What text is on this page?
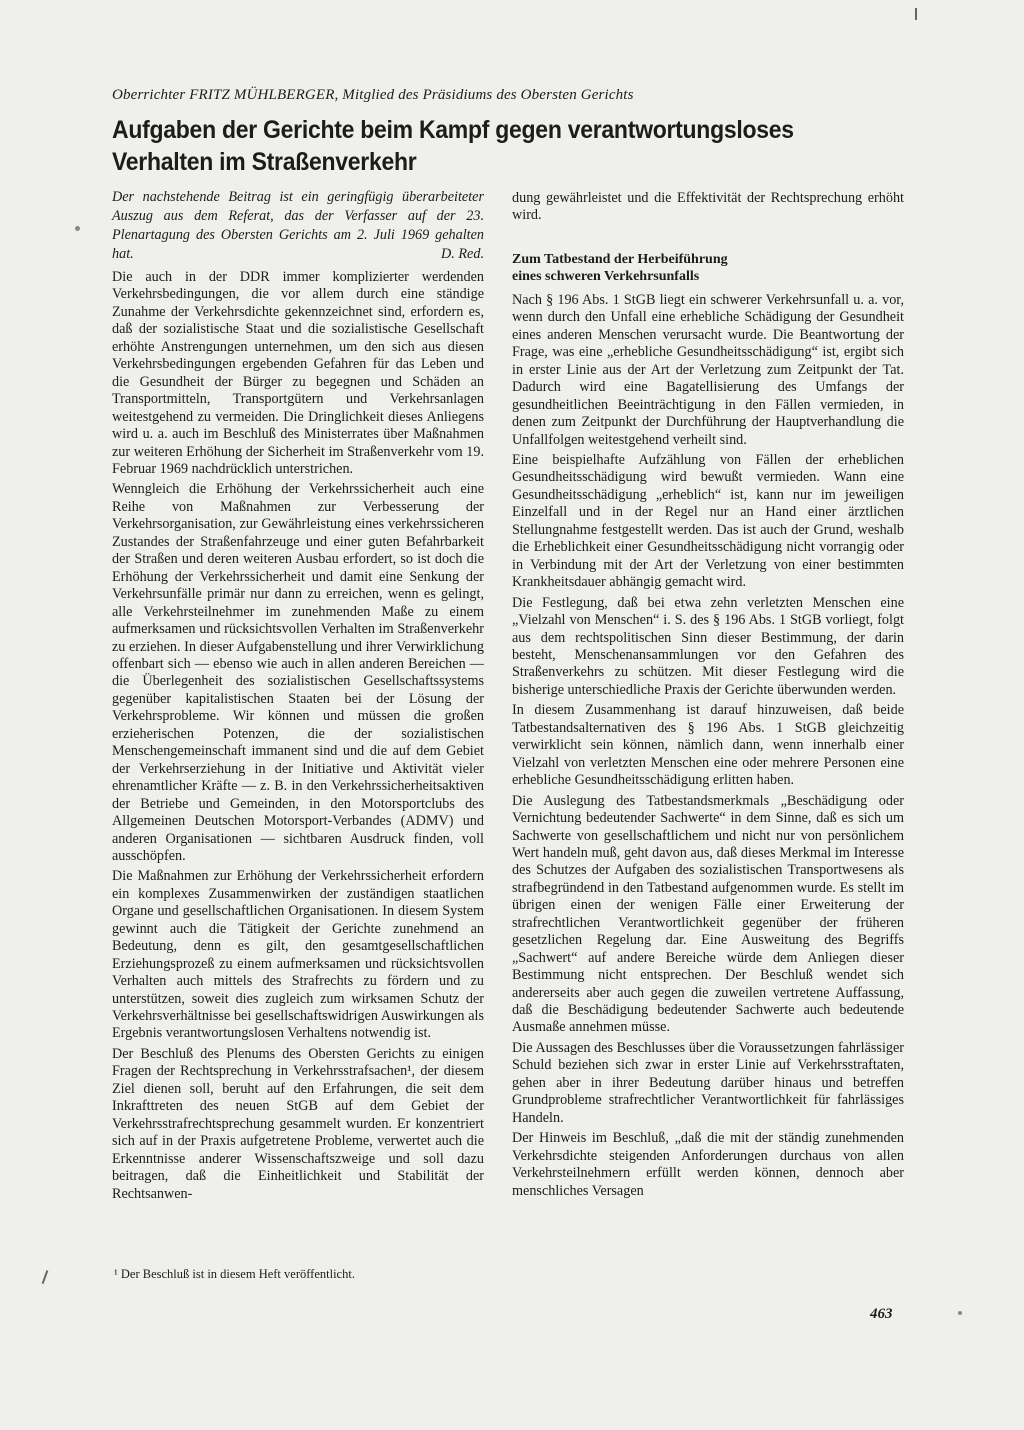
Oberrichter FRITZ MÜHLBERGER, Mitglied des Präsidiums des Obersten Gerichts
Aufgaben der Gerichte beim Kampf gegen verantwortungsloses Verhalten im Straßenverkehr
Der nachstehende Beitrag ist ein geringfügig überarbeiteter Auszug aus dem Referat, das der Verfasser auf der 23. Plenartagung des Obersten Gerichts am 2. Juli 1969 gehalten hat.	D. Red.

Die auch in der DDR immer komplizierter werdenden Verkehrsbedingungen, die vor allem durch eine ständige Zunahme der Verkehrsdichte gekennzeichnet sind, erfordern es, daß der sozialistische Staat und die sozialistische Gesellschaft erhöhte Anstrengungen unternehmen, um den sich aus diesen Verkehrsbedingungen ergebenden Gefahren für das Leben und die Gesundheit der Bürger zu begegnen und Schäden an Transportmitteln, Transportgütern und Verkehrsanlagen weitestgehend zu vermeiden. Die Dringlichkeit dieses Anliegens wird u. a. auch im Beschluß des Ministerrates über Maßnahmen zur weiteren Erhöhung der Sicherheit im Straßenverkehr vom 19. Februar 1969 nachdrücklich unterstrichen.

Wenngleich die Erhöhung der Verkehrssicherheit auch eine Reihe von Maßnahmen zur Verbesserung der Verkehrsorganisation, zur Gewährleistung eines verkehrssicheren Zustandes der Straßenfahrzeuge und einer guten Befahrbarkeit der Straßen und deren weiteren Ausbau erfordert, so ist doch die Erhöhung der Verkehrssicherheit und damit eine Senkung der Verkehrsunfälle primär nur dann zu erreichen, wenn es gelingt, alle Verkehrsteilnehmer im zunehmenden Maße zu einem aufmerksamen und rücksichtsvollen Verhalten im Straßenverkehr zu erziehen. In dieser Aufgabenstellung und ihrer Verwirklichung offenbart sich — ebenso wie auch in allen anderen Bereichen — die Überlegenheit des sozialistischen Gesellschaftssystems gegenüber kapitalistischen Staaten bei der Lösung der Verkehrsprobleme. Wir können und müssen die großen erzieherischen Potenzen, die der sozialistischen Menschengemeinschaft immanent sind und die auf dem Gebiet der Verkehrserziehung in der Initiative und Aktivität vieler ehrenamtlicher Kräfte — z. B. in den Verkehrssicherheitsaktiven der Betriebe und Gemeinden, in den Motorsportclubs des Allgemeinen Deutschen Motorsport-Verbandes (ADMV) und anderen Organisationen — sichtbaren Ausdruck finden, voll ausschöpfen.

Die Maßnahmen zur Erhöhung der Verkehrssicherheit erfordern ein komplexes Zusammenwirken der zuständigen staatlichen Organe und gesellschaftlichen Organisationen. In diesem System gewinnt auch die Tätigkeit der Gerichte zunehmend an Bedeutung, denn es gilt, den gesamtgesellschaftlichen Erziehungsprozeß zu einem aufmerksamen und rücksichtsvollen Verhalten auch mittels des Strafrechts zu fördern und zu unterstützen, soweit dies zugleich zum wirksamen Schutz der Verkehrsverhältnisse bei gesellschaftswidrigen Auswirkungen als Ergebnis verantwortungslosen Verhaltens notwendig ist.

Der Beschluß des Plenums des Obersten Gerichts zu einigen Fragen der Rechtsprechung in Verkehrsstrafsachen¹, der diesem Ziel dienen soll, beruht auf den Erfahrungen, die seit dem Inkrafttreten des neuen StGB auf dem Gebiet der Verkehrsstrafrechtsprechung gesammelt wurden. Er konzentriert sich auf in der Praxis aufgetretene Probleme, verwertet auch die Erkenntnisse anderer Wissenschaftszweige und soll dazu beitragen, daß die Einheitlichkeit und Stabilität der Rechtsanwen-

dung gewährleistet und die Effektivität der Rechtsprechung erhöht wird.

Zum Tatbestand der Herbeiführung
eines schweren Verkehrsunfalls

Nach § 196 Abs. 1 StGB liegt ein schwerer Verkehrsunfall u. a. vor, wenn durch den Unfall eine erhebliche Schädigung der Gesundheit eines anderen Menschen verursacht wurde. Die Beantwortung der Frage, was eine „erhebliche Gesundheitsschädigung“ ist, ergibt sich in erster Linie aus der Art der Verletzung zum Zeitpunkt der Tat. Dadurch wird eine Bagatellisierung des Umfangs der gesundheitlichen Beeinträchtigung in den Fällen vermieden, in denen zum Zeitpunkt der Durchführung der Hauptverhandlung die Unfallfolgen weitestgehend verheilt sind.

Eine beispielhafte Aufzählung von Fällen der erheblichen Gesundheitsschädigung wird bewußt vermieden. Wann eine Gesundheitsschädigung „erheblich“ ist, kann nur im jeweiligen Einzelfall und in der Regel nur an Hand einer ärztlichen Stellungnahme festgestellt werden. Das ist auch der Grund, weshalb die Erheblichkeit einer Gesundheitsschädigung nicht vorrangig oder in Verbindung mit der Art der Verletzung von einer bestimmten Krankheitsdauer abhängig gemacht wird.

Die Festlegung, daß bei etwa zehn verletzten Menschen eine „Vielzahl von Menschen“ i. S. des § 196 Abs. 1 StGB vorliegt, folgt aus dem rechtspolitischen Sinn dieser Bestimmung, der darin besteht, Menschenansammlungen vor den Gefahren des Straßenverkehrs zu schützen. Mit dieser Festlegung wird die bisherige unterschiedliche Praxis der Gerichte überwunden werden.

In diesem Zusammenhang ist darauf hinzuweisen, daß beide Tatbestandsalternativen des § 196 Abs. 1 StGB gleichzeitig verwirklicht sein können, nämlich dann, wenn innerhalb einer Vielzahl von verletzten Menschen eine oder mehrere Personen eine erhebliche Gesundheitsschädigung erlitten haben.

Die Auslegung des Tatbestandsmerkmals „Beschädigung oder Vernichtung bedeutender Sachwerte“ in dem Sinne, daß es sich um Sachwerte von gesellschaftlichem und nicht nur von persönlichem Wert handeln muß, geht davon aus, daß dieses Merkmal im Interesse des Schutzes der Aufgaben des sozialistischen Transportwesens als strafbegründend in den Tatbestand aufgenommen wurde. Es stellt im übrigen einen der wenigen Fälle einer Erweiterung der strafrechtlichen Verantwortlichkeit gegenüber der früheren gesetzlichen Regelung dar. Eine Ausweitung des Begriffs „Sachwert“ auf andere Bereiche würde dem Anliegen dieser Bestimmung nicht entsprechen. Der Beschluß wendet sich andererseits aber auch gegen die zuweilen vertretene Auffassung, daß die Beschädigung bedeutender Sachwerte auch bedeutende Ausmaße annehmen müsse.

Die Aussagen des Beschlusses über die Voraussetzungen fahrlässiger Schuld beziehen sich zwar in erster Linie auf Verkehrsstraftaten, gehen aber in ihrer Bedeutung darüber hinaus und betreffen Grundprobleme strafrechtlicher Verantwortlichkeit für fahrlässiges Handeln.

Der Hinweis im Beschluß, „daß die mit der ständig zunehmenden Verkehrsdichte steigenden Anforderungen durchaus von allen Verkehrsteilnehmern erfüllt werden können, dennoch aber menschliches Versagen

¹ Der Beschluß ist in diesem Heft veröffentlicht.
463
